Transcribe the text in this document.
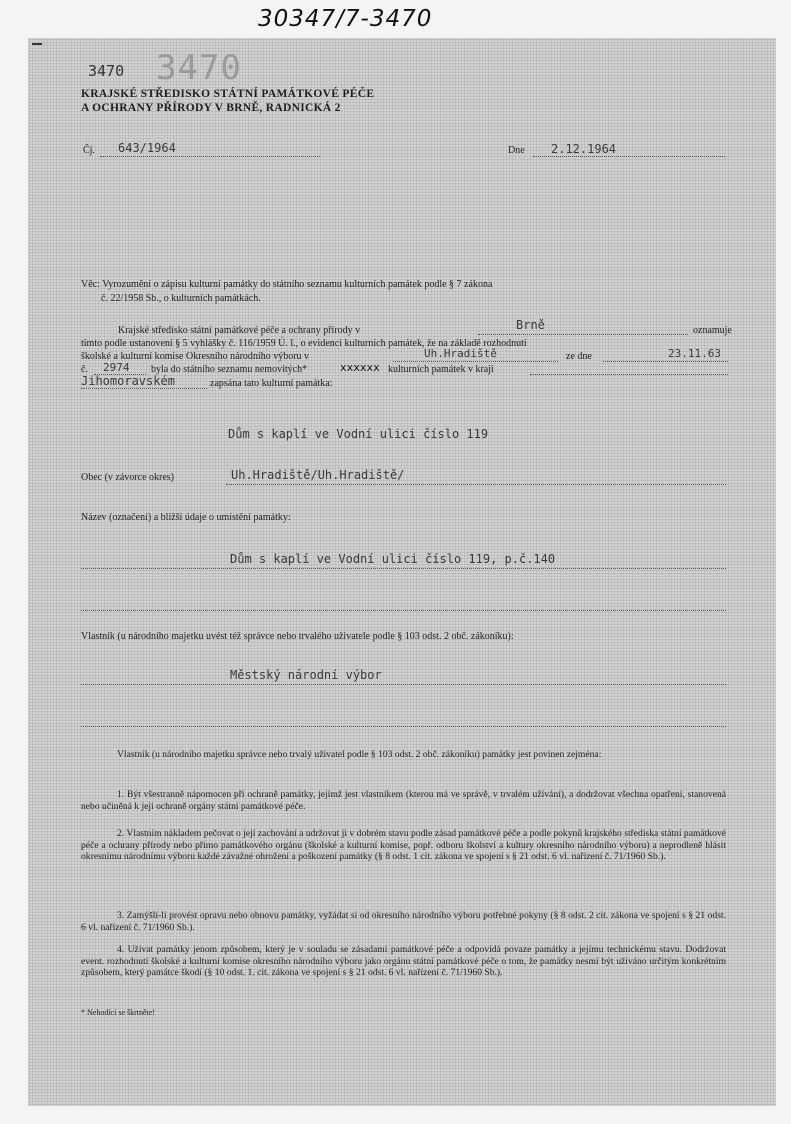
30347/7-3470
3470 3470
KRAJSKÉ STŘEDISKO STÁTNÍ PAMÁTKOVÉ PÉČE
A OCHRANY PŘÍRODY V BRNĚ, RADNICKÁ 2
Čj. 643/1964	Dne 2.12.1964
Věc: Vyrozumění o zápisu kulturní památky do státního seznamu kulturních památek podle § 7 zákona
č. 22/1958 Sb., o kulturních památkách.
Krajské středisko státní památkové péče a ochrany přírody v	Brně	oznamuje
tímto podle ustanovení § 5 vyhlášky č. 116/1959 Ú. l., o evidenci kulturních památek, že na základě rozhodnutí
školské a kulturní komise Okresního národního výboru v	Uh.Hradiště	ze dne	23.11.63
č. 2974 byla do státního seznamu nemovitých*	xxxxxx kulturních památek v kraji
Jihomoravském	zapsána tato kulturní památka:
Dům s kaplí ve Vodní ulici číslo 119
Obec (v závorce okres)	Uh.Hradiště/Uh.Hradiště/
Název (označení) a bližší údaje o umístění památky:
Dům s kaplí ve Vodní ulici číslo 119, p.č.140
Vlastník (u národního majetku uvést též správce nebo trvalého uživatele podle § 103 odst. 2 obč. zákoníku):
Městský národní výbor
Vlastník (u národního majetku správce nebo trvalý uživatel podle § 103 odst. 2 obč. zákoníku) památky jest povinen zejména:
1. Být všestranně nápomocen při ochraně památky, jejímž jest vlastníkem (kterou má ve správě, v trvalém užívání), a dodržovat všechna opatření, stanovená nebo učiněná k její ochraně orgány státní památkové péče.
2. Vlastním nákladem pečovat o její zachování a udržovat ji v dobrém stavu podle zásad památkové péče a podle pokynů krajského střediska státní památkové péče a ochrany přírody nebo přímo památkového orgánu (školské a kulturní komise, popř. odboru školství a kultury okresního národního výboru) a neprodleně hlásit okresnímu národnímu výboru každé závažné ohrožení a poškození památky (§ 8 odst. 1 cit. zákona ve spojení s § 21 odst. 6 vl. nařízení č. 71/1960 Sb.).
3. Zamýšlí-li provést opravu nebo obnovu památky, vyžádat si od okresního národního výboru potřebné pokyny (§ 8 odst. 2 cit. zákona ve spojení s § 21 odst. 6 vl. nařízení č. 71/1960 Sb.).
4. Užívat památky jenom způsobem, který je v souladu se zásadami památkové péče a odpovídá povaze památky a jejímu technickému stavu. Dodržovat event. rozhodnutí školské a kulturní komise okresního národního výboru jako orgánu státní památkové péče o tom, že památky nesmí být užíváno určitým konkrétním způsobem, který památce škodí (§ 10 odst. 1. cit. zákona ve spojení s § 21 odst. 6 vl. nařízení č. 71/1960 Sb.).
* Nehodící se škrtněte!
